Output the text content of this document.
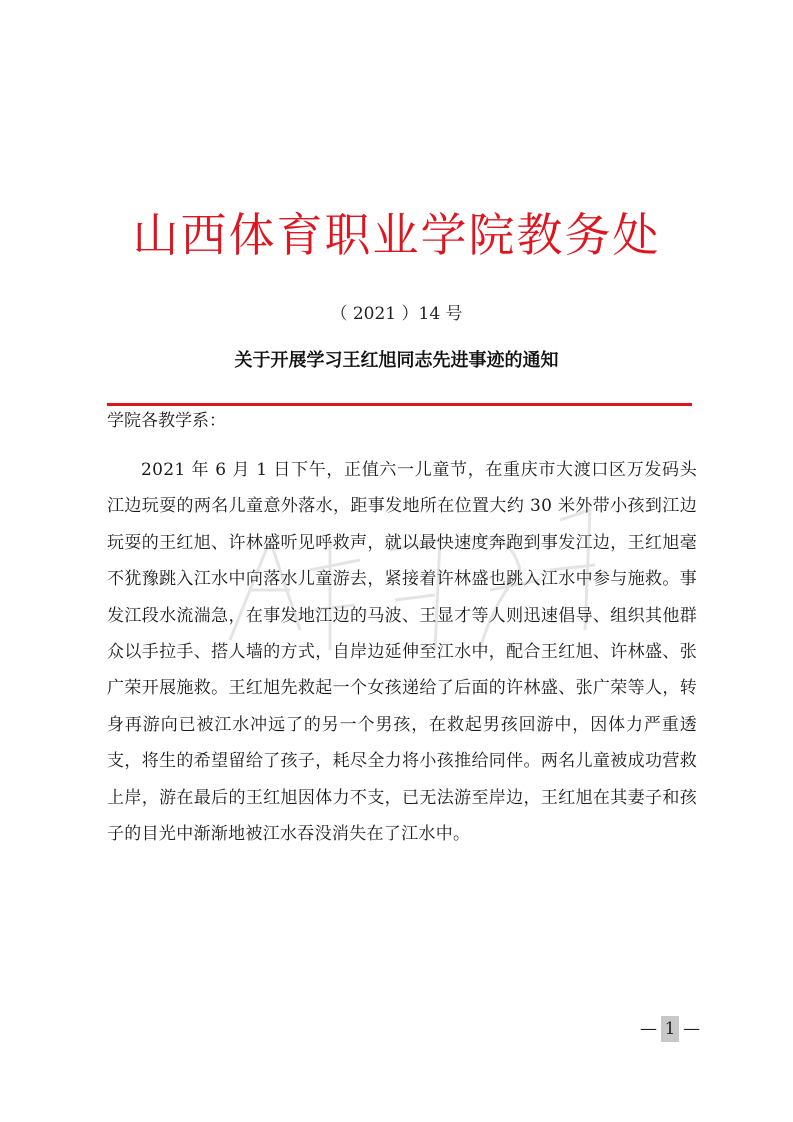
山西体育职业学院教务处
（ 2021 ）14 号
关于开展学习王红旭同志先进事迹的通知
学院各教学系：

2021 年 6 月 1 日下午，正值六一儿童节，在重庆市大渡口区万发码头江边玩耍的两名儿童意外落水，距事发地所在位置大约 30 米外带小孩到江边玩耍的王红旭、许林盛听见呼救声，就以最快速度奔跑到事发江边，王红旭毫不犹豫跳入江水中向落水儿童游去，紧接着许林盛也跳入江水中参与施救。事发江段水流湍急，在事发地江边的马波、王显才等人则迅速倡导、组织其他群众以手拉手、搭人墙的方式，自岸边延伸至江水中，配合王红旭、许林盛、张广荣开展施救。王红旭先救起一个女孩递给了后面的许林盛、张广荣等人，转身再游向已被江水冲远了的另一个男孩，在救起男孩回游中，因体力严重透支，将生的希望留给了孩子，耗尽全力将小孩推给同伴。两名儿童被成功营救上岸，游在最后的王红旭因体力不支，已无法游至岸边，王红旭在其妻子和孩子的目光中渐渐地被江水吞没消失在了江水中。

— 1 —
